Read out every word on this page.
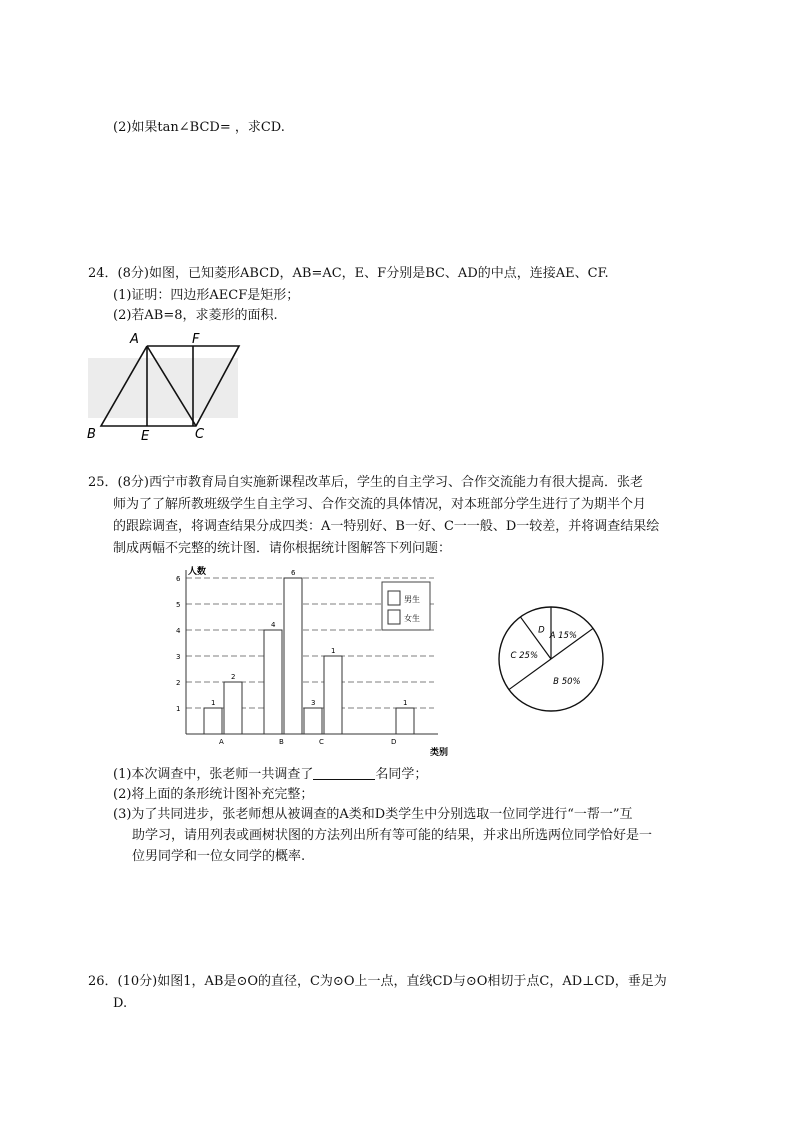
(2)如果tan∠BCD= ，求CD.
24．(8分)如图，已知菱形ABCD，AB=AC，E、F分别是BC、AD的中点，连接AE、CF.
(1)证明：四边形AECF是矩形；
(2)若AB=8，求菱形的面积.
A	F
B	E	C
25．(8分)西宁市教育局自实施新课程改革后，学生的自主学习、合作交流能力有很大提高．张老
师为了了解所教班级学生自主学习、合作交流的具体情况，对本班部分学生进行了为期半个月
的跟踪调查，将调查结果分成四类：A一特别好、B一好、C一一般、D一较差，并将调查结果绘
制成两幅不完整的统计图．请你根据统计图解答下列问题：
人数
类别
1
2
3
4
5
6
A	B	C	D
1
2
4
6
3
1
1
男生
女生
D
A 15%
B 50%
C 25%
(1)本次调查中，张老师一共调查了	名同学；
(2)将上面的条形统计图补充完整；
(3)为了共同进步，张老师想从被调查的A类和D类学生中分别选取一位同学进行“一帮一”互
助学习，请用列表或画树状图的方法列出所有等可能的结果，并求出所选两位同学恰好是一
位男同学和一位女同学的概率.
26．(10分)如图1，AB是⊙O的直径，C为⊙O上一点，直线CD与⊙O相切于点C，AD⊥CD，垂足为
D.
